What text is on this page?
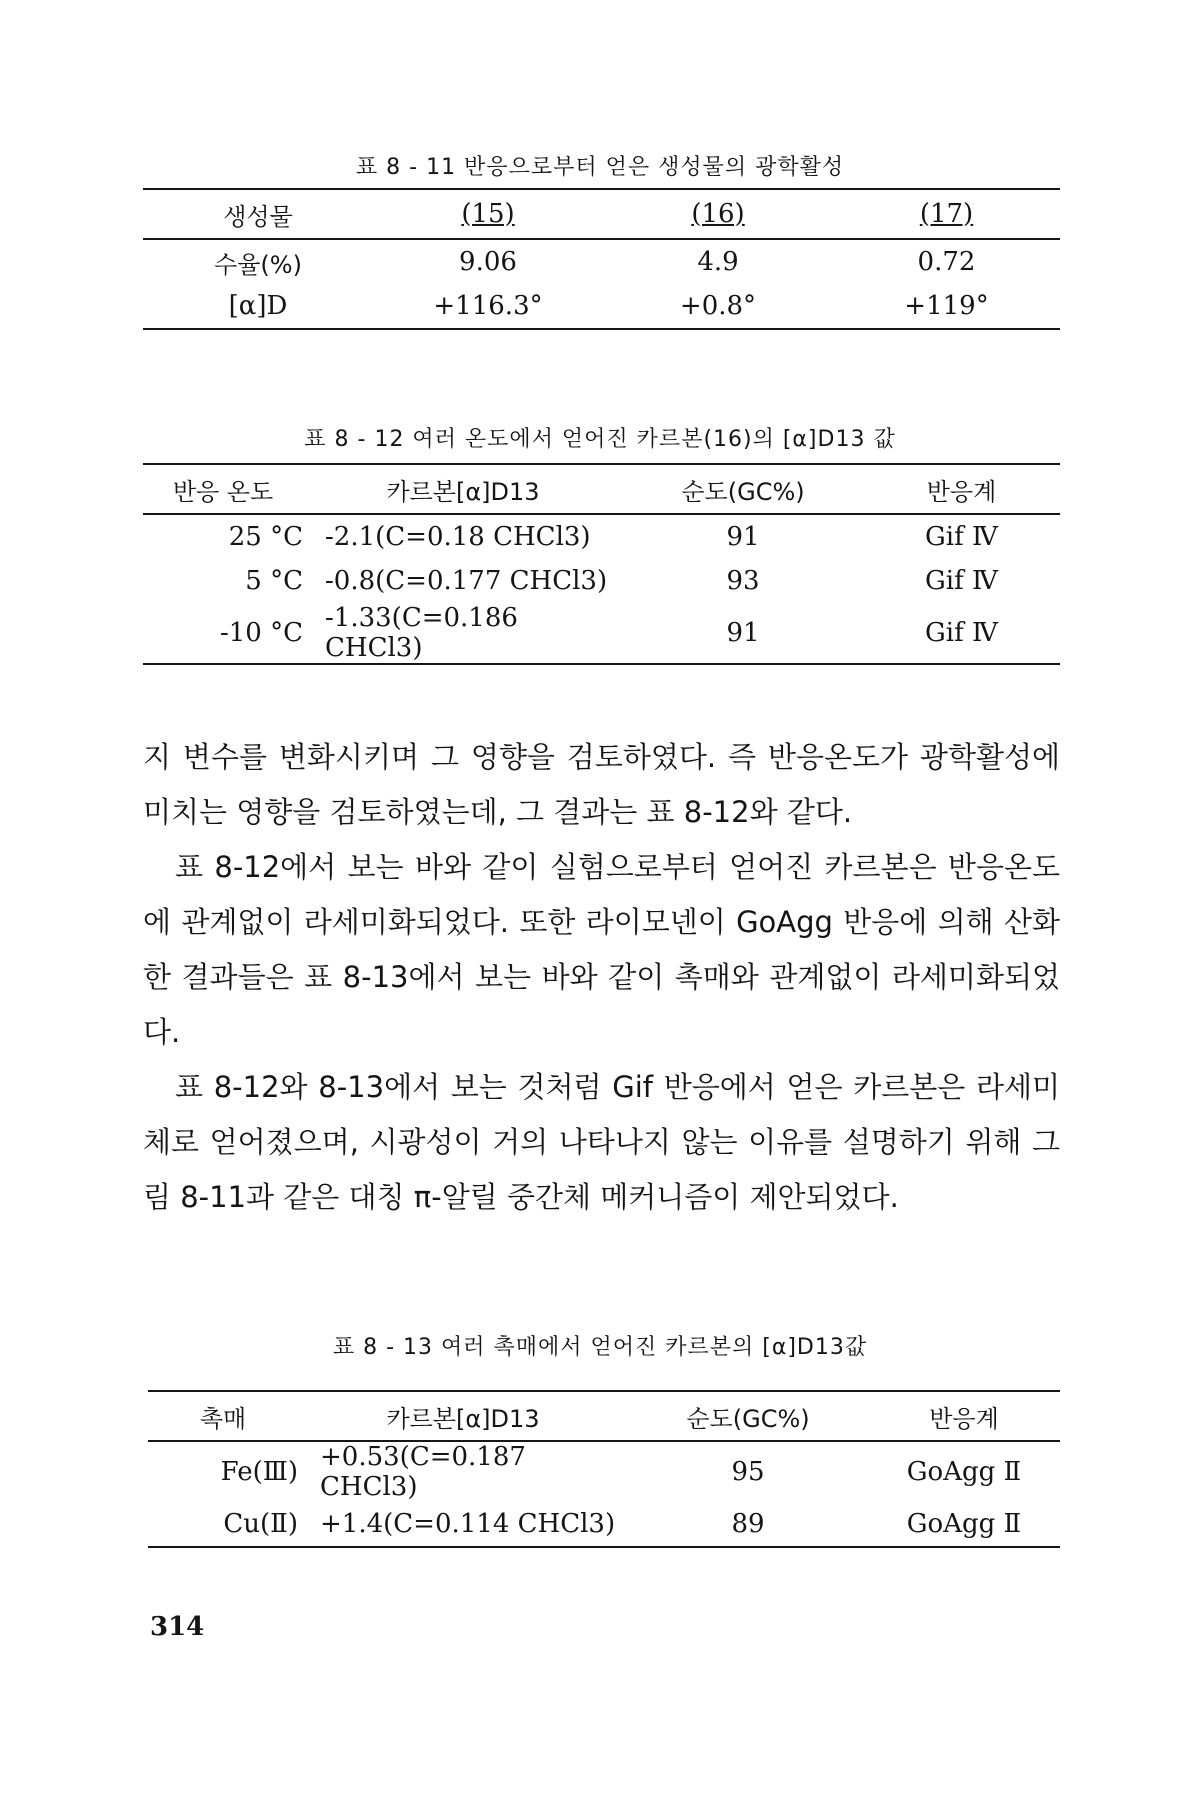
표 8 - 11 반응으로부터 얻은 생성물의 광학활성
생성물	(15)	(16)	(17)
수율(%)	9.06	4.9	0.72
[α]D	+116.3°	+0.8°	+119°
표 8 - 12 여러 온도에서 얻어진 카르본(16)의 [α]D13 값
반응 온도	카르본[α]D13	순도(GC%)	반응계
25 °C	-2.1(C=0.18 CHCl3)	91	Gif Ⅳ
5 °C	-0.8(C=0.177 CHCl3)	93	Gif Ⅳ
-10 °C	-1.33(C=0.186 CHCl3)	91	Gif Ⅳ

지 변수를 변화시키며 그 영향을 검토하였다. 즉 반응온도가 광학활성에 미치는 영향을 검토하였는데, 그 결과는 표 8-12와 같다.

표 8-12에서 보는 바와 같이 실험으로부터 얻어진 카르본은 반응온도에 관계없이 라세미화되었다. 또한 라이모넨이 GoAgg 반응에 의해 산화한 결과들은 표 8-13에서 보는 바와 같이 촉매와 관계없이 라세미화되었다.

표 8-12와 8-13에서 보는 것처럼 Gif 반응에서 얻은 카르본은 라세미체로 얻어졌으며, 시광성이 거의 나타나지 않는 이유를 설명하기 위해 그림 8-11과 같은 대칭 π-알릴 중간체 메커니즘이 제안되었다.

표 8 - 13 여러 촉매에서 얻어진 카르본의 [α]D13값
촉매	카르본[α]D13	순도(GC%)	반응계
Fe(Ⅲ)	+0.53(C=0.187 CHCl3)	95	GoAgg Ⅱ
Cu(Ⅱ)	+1.4(C=0.114 CHCl3)	89	GoAgg Ⅱ
314
